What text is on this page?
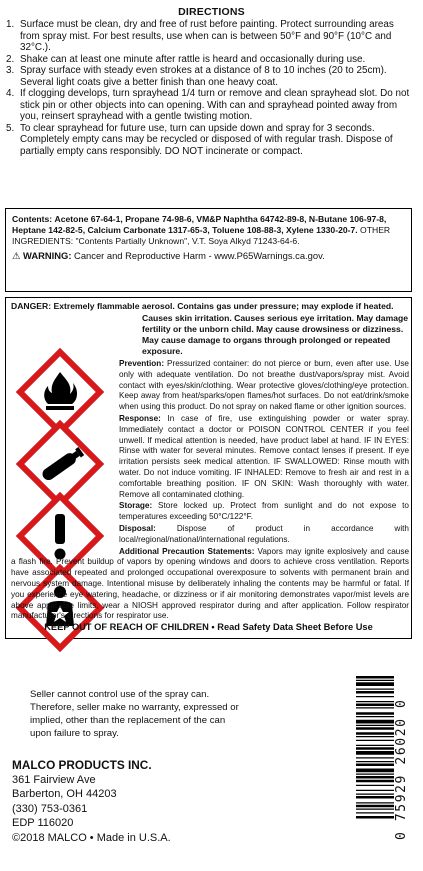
DIRECTIONS
1. Surface must be clean, dry and free of rust before painting. Protect surrounding areas from spray mist. For best results, use when can is between 50°F and 90°F (10°C and 32°C.).
2. Shake can at least one minute after rattle is heard and occasionally during use.
3. Spray surface with steady even strokes at a distance of 8 to 10 inches (20 to 25cm). Several light coats give a better finish than one heavy coat.
4. If clogging develops, turn sprayhead 1/4 turn or remove and clean sprayhead slot. Do not stick pin or other objects into can opening. With can and sprayhead pointed away from you, reinsert sprayhead with a gentle twisting motion.
5. To clear sprayhead for future use, turn can upside down and spray for 3 seconds. Completely empty cans may be recycled or disposed of with regular trash. Dispose of partially empty cans responsibly. DO NOT incinerate or compact.
Contents: Acetone 67-64-1, Propane 74-98-6, VM&P Naphtha 64742-89-8, N-Butane 106-97-8, Heptane 142-82-5, Calcium Carbonate 1317-65-3, Toluene 108-88-3, Xylene 1330-20-7. OTHER INGREDIENTS: "Contents Partially Unknown", V.T. Soya Alkyd 71243-64-6.
⚠ WARNING: Cancer and Reproductive Harm - www.P65Warnings.ca.gov.
DANGER: Extremely flammable aerosol. Contains gas under pressure; may explode if heated.
Causes skin irritation. Causes serious eye irritation. May damage fertility or the unborn child. May cause drowsiness or dizziness. May cause damage to organs through prolonged or repeated exposure.

Prevention: Pressurized container: do not pierce or burn, even after use. Use only with adequate ventilation. Do not breathe dust/vapors/spray mist. Avoid contact with eyes/skin/clothing. Wear protective gloves/clothing/eye protection. Keep away from heat/sparks/open flames/hot surfaces. Do not eat/drink/smoke when using this product. Do not spray on naked flame or other ignition sources.

Response: In case of fire, use extinguishing powder or water spray. Immediately contact a doctor or POISON CONTROL CENTER if you feel unwell. If medical attention is needed, have product label at hand. IF IN EYES: Rinse with water for several minutes. Remove contact lenses if present. If eye irritation persists seek medical attention. IF SWALLOWED: Rinse mouth with water. Do not induce vomiting. IF INHALED: Remove to fresh air and rest in a comfortable breathing position. IF ON SKIN: Wash thoroughly with water. Remove all contaminated clothing.

Storage: Store locked up. Protect from sunlight and do not expose to temperatures exceeding 50°C/122°F.

Disposal: Dispose of product in accordance with local/regional/national/international regulations.

Additional Precaution Statements: Vapors may ignite explosively and cause a flash fire. Prevent buildup of vapors by opening windows and doors to achieve cross ventilation. Reports have associated repeated and prolonged occupational overexposure to solvents with permanent brain and nervous system damage. Intentional misuse by deliberately inhaling the contents may be harmful or fatal. If you experience eye watering, headache, or dizziness or if air monitoring demonstrates vapor/mist levels are above applicable limits, wear a NIOSH approved respirator during and after application. Follow respirator manufacturer's directions for respirator use.

KEEP OUT OF REACH OF CHILDREN • Read Safety Data Sheet Before Use
Seller cannot control use of the spray can. Therefore, seller make no warranty, expressed or implied, other than the replacement of the can upon failure to spray.
MALCO PRODUCTS INC.
361 Fairview Ave
Barberton, OH 44203
(330) 753-0361
EDP 116020
©2018 MALCO • Made in U.S.A.	0 75929 26020 0
